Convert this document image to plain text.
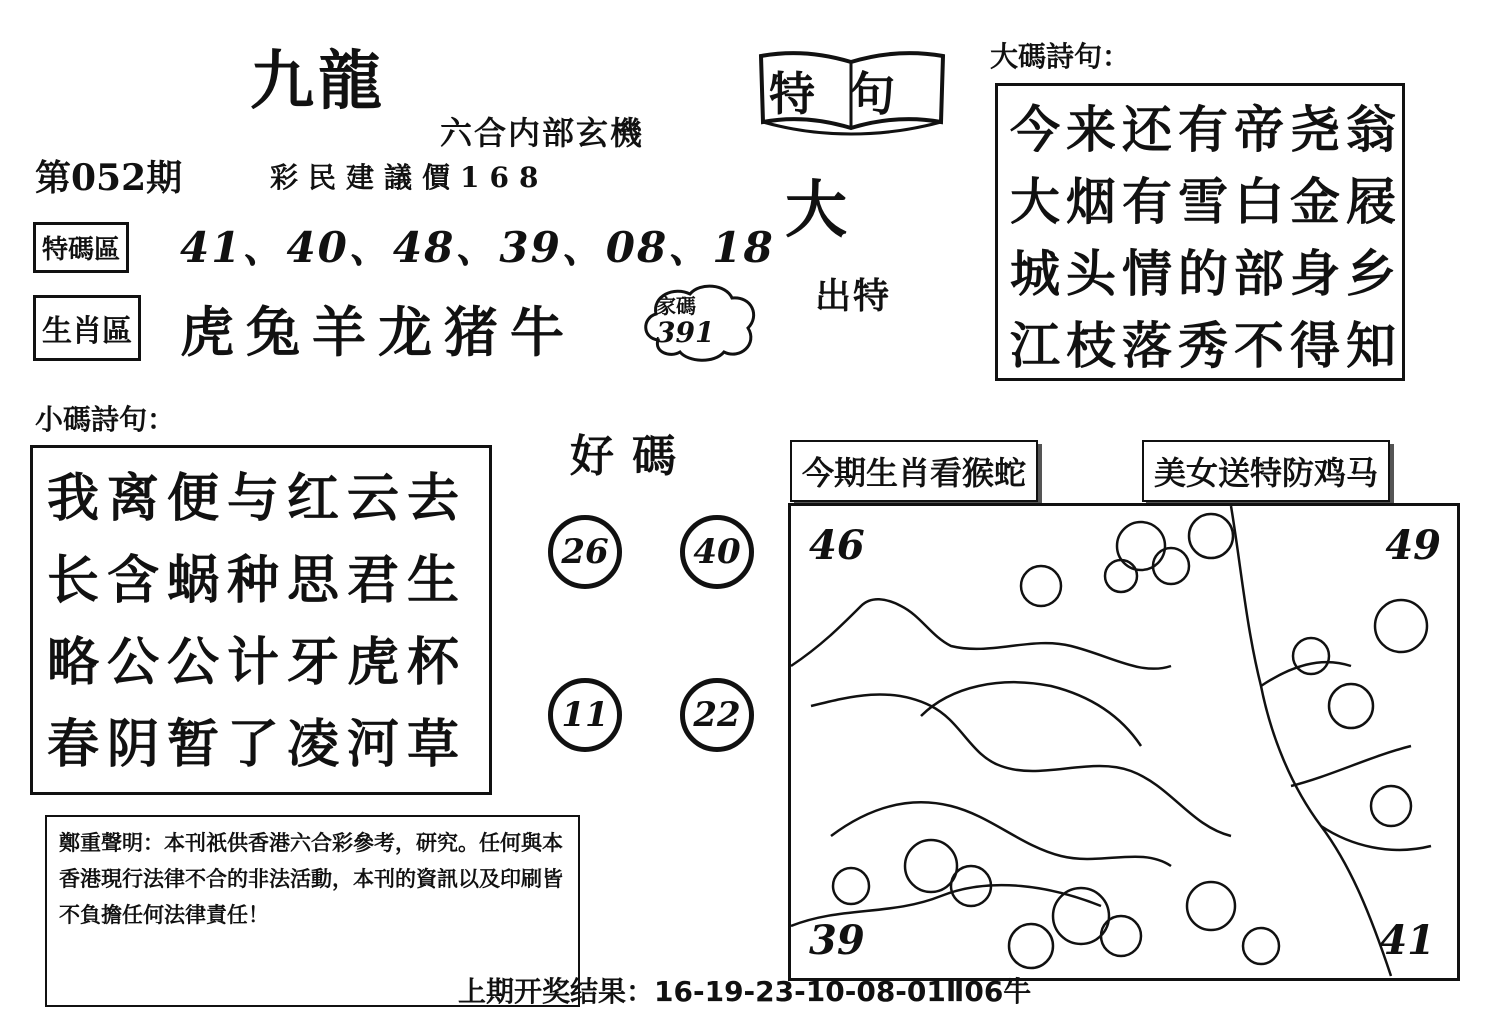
九龍
六合内部玄機
第052期	彩民建議價168
特碼區 41、40、48、39、08、18
生肖區 虎兔羊龙猪牛	家碼
391
特句
大
出特
大碼詩句：
今来还有帝尧翁
大烟有雪白金屐
城头情的部身乡
江枝落秀不得知
小碼詩句：
我离便与红云去
长含蜗种思君生
略公公计牙虎杯
春阴暂了凌河草
好碼
26	40
11	22
今期生肖看猴蛇	美女送特防鸡马
46	49
39	41
鄭重聲明：本刊祇供香港六合彩參考，研究。任何與本香港現行法律不合的非法活動，本刊的資訊以及印刷皆不負擔任何法律責任！
上期开奖结果：16-19-23-10-08-01Ⅱ06牛
